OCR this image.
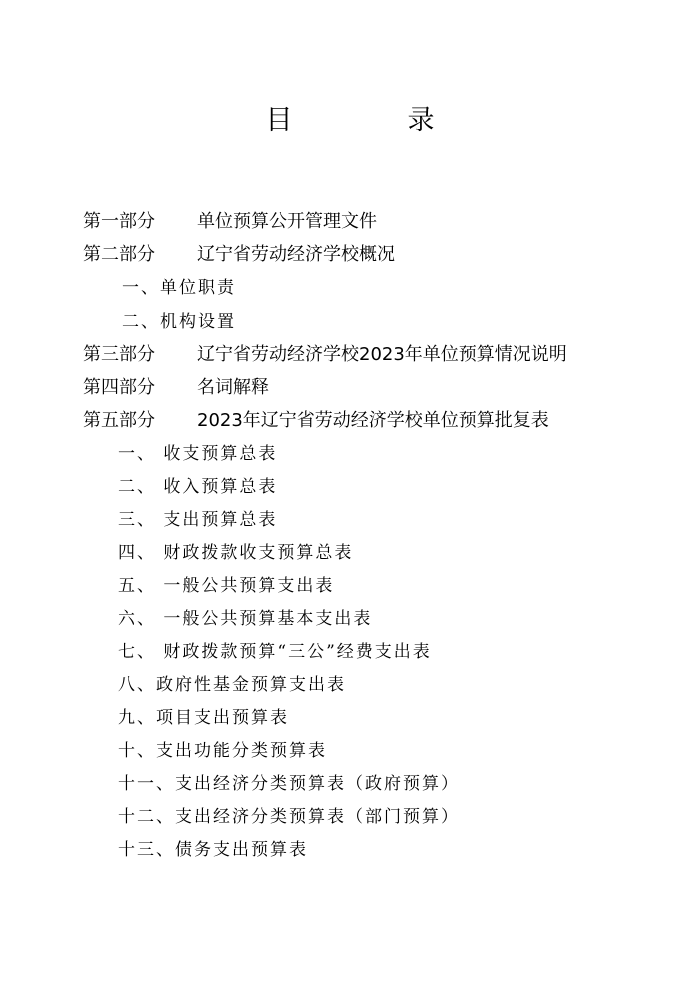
目　录
第一部分 单位预算公开管理文件
第二部分 辽宁省劳动经济学校概况
一、单位职责
二、机构设置
第三部分 辽宁省劳动经济学校2023年单位预算情况说明
第四部分 名词解释
第五部分 2023年辽宁省劳动经济学校单位预算批复表
一、 收支预算总表
二、 收入预算总表
三、 支出预算总表
四、 财政拨款收支预算总表
五、 一般公共预算支出表
六、 一般公共预算基本支出表
七、 财政拨款预算“三公”经费支出表
八、政府性基金预算支出表
九、项目支出预算表
十、支出功能分类预算表
十一、支出经济分类预算表（政府预算）
十二、支出经济分类预算表（部门预算）
十三、债务支出预算表
